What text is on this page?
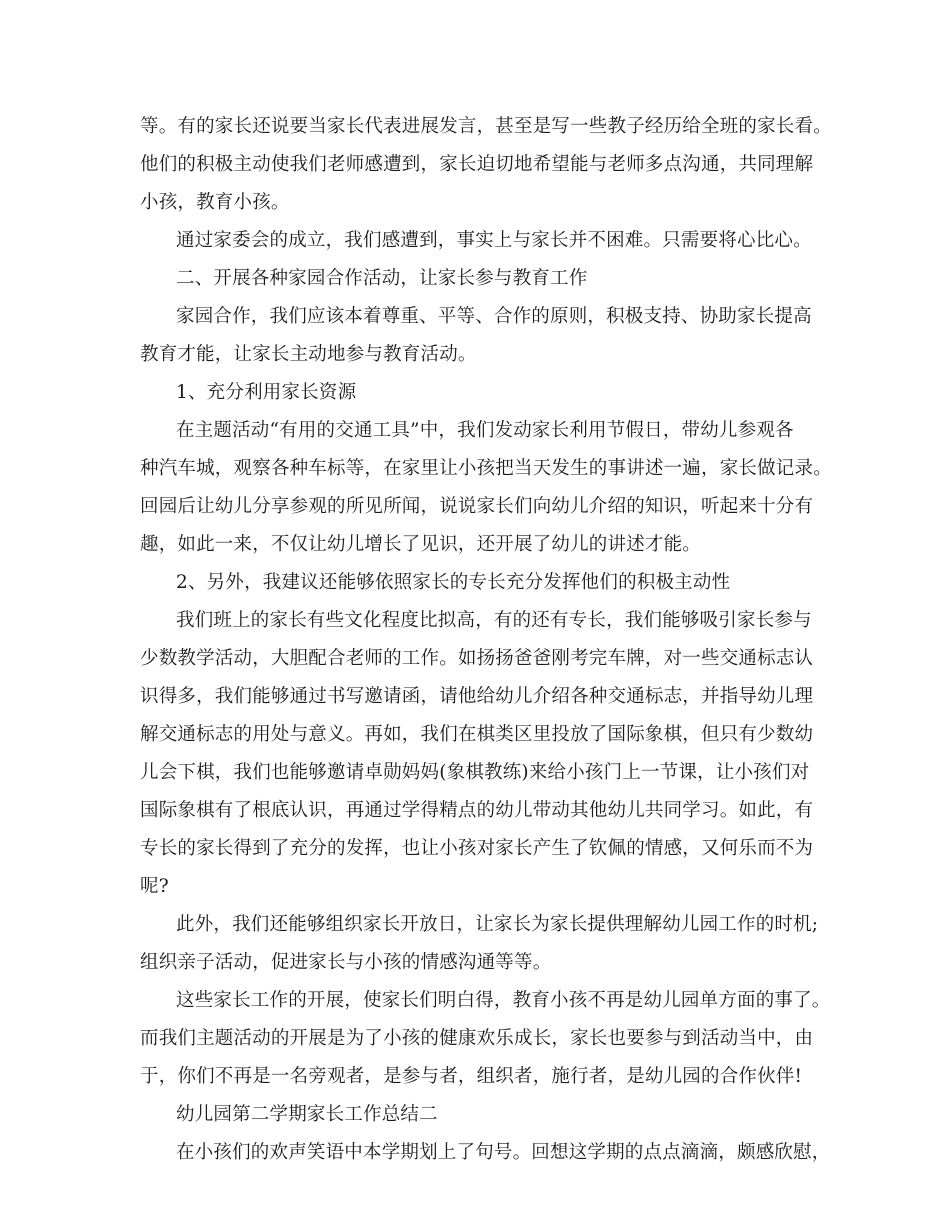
等。有的家长还说要当家长代表进展发言，甚至是写一些教子经历给全班的家长看。
他们的积极主动使我们老师感遭到，家长迫切地希望能与老师多点沟通，共同理解
小孩，教育小孩。
通过家委会的成立，我们感遭到，事实上与家长并不困难。只需要将心比心。
二、开展各种家园合作活动，让家长参与教育工作
家园合作，我们应该本着尊重、平等、合作的原则，积极支持、协助家长提高
教育才能，让家长主动地参与教育活动。
1、充分利用家长资源
在主题活动“有用的交通工具”中，我们发动家长利用节假日，带幼儿参观各
种汽车城，观察各种车标等，在家里让小孩把当天发生的事讲述一遍，家长做记录。
回园后让幼儿分享参观的所见所闻，说说家长们向幼儿介绍的知识，听起来十分有
趣，如此一来，不仅让幼儿增长了见识，还开展了幼儿的讲述才能。
2、另外，我建议还能够依照家长的专长充分发挥他们的积极主动性
我们班上的家长有些文化程度比拟高，有的还有专长，我们能够吸引家长参与
少数教学活动，大胆配合老师的工作。如扬扬爸爸刚考完车牌，对一些交通标志认
识得多，我们能够通过书写邀请函，请他给幼儿介绍各种交通标志，并指导幼儿理
解交通标志的用处与意义。再如，我们在棋类区里投放了国际象棋，但只有少数幼
儿会下棋，我们也能够邀请卓勋妈妈(象棋教练)来给小孩门上一节课，让小孩们对
国际象棋有了根底认识，再通过学得精点的幼儿带动其他幼儿共同学习。如此，有
专长的家长得到了充分的发挥，也让小孩对家长产生了钦佩的情感，又何乐而不为
呢?
此外，我们还能够组织家长开放日，让家长为家长提供理解幼儿园工作的时机;
组织亲子活动，促进家长与小孩的情感沟通等等。
这些家长工作的开展，使家长们明白得，教育小孩不再是幼儿园单方面的事了。
而我们主题活动的开展是为了小孩的健康欢乐成长，家长也要参与到活动当中，由
于，你们不再是一名旁观者，是参与者，组织者，施行者，是幼儿园的合作伙伴!
幼儿园第二学期家长工作总结二
在小孩们的欢声笑语中本学期划上了句号。回想这学期的点点滴滴，颇感欣慰，
